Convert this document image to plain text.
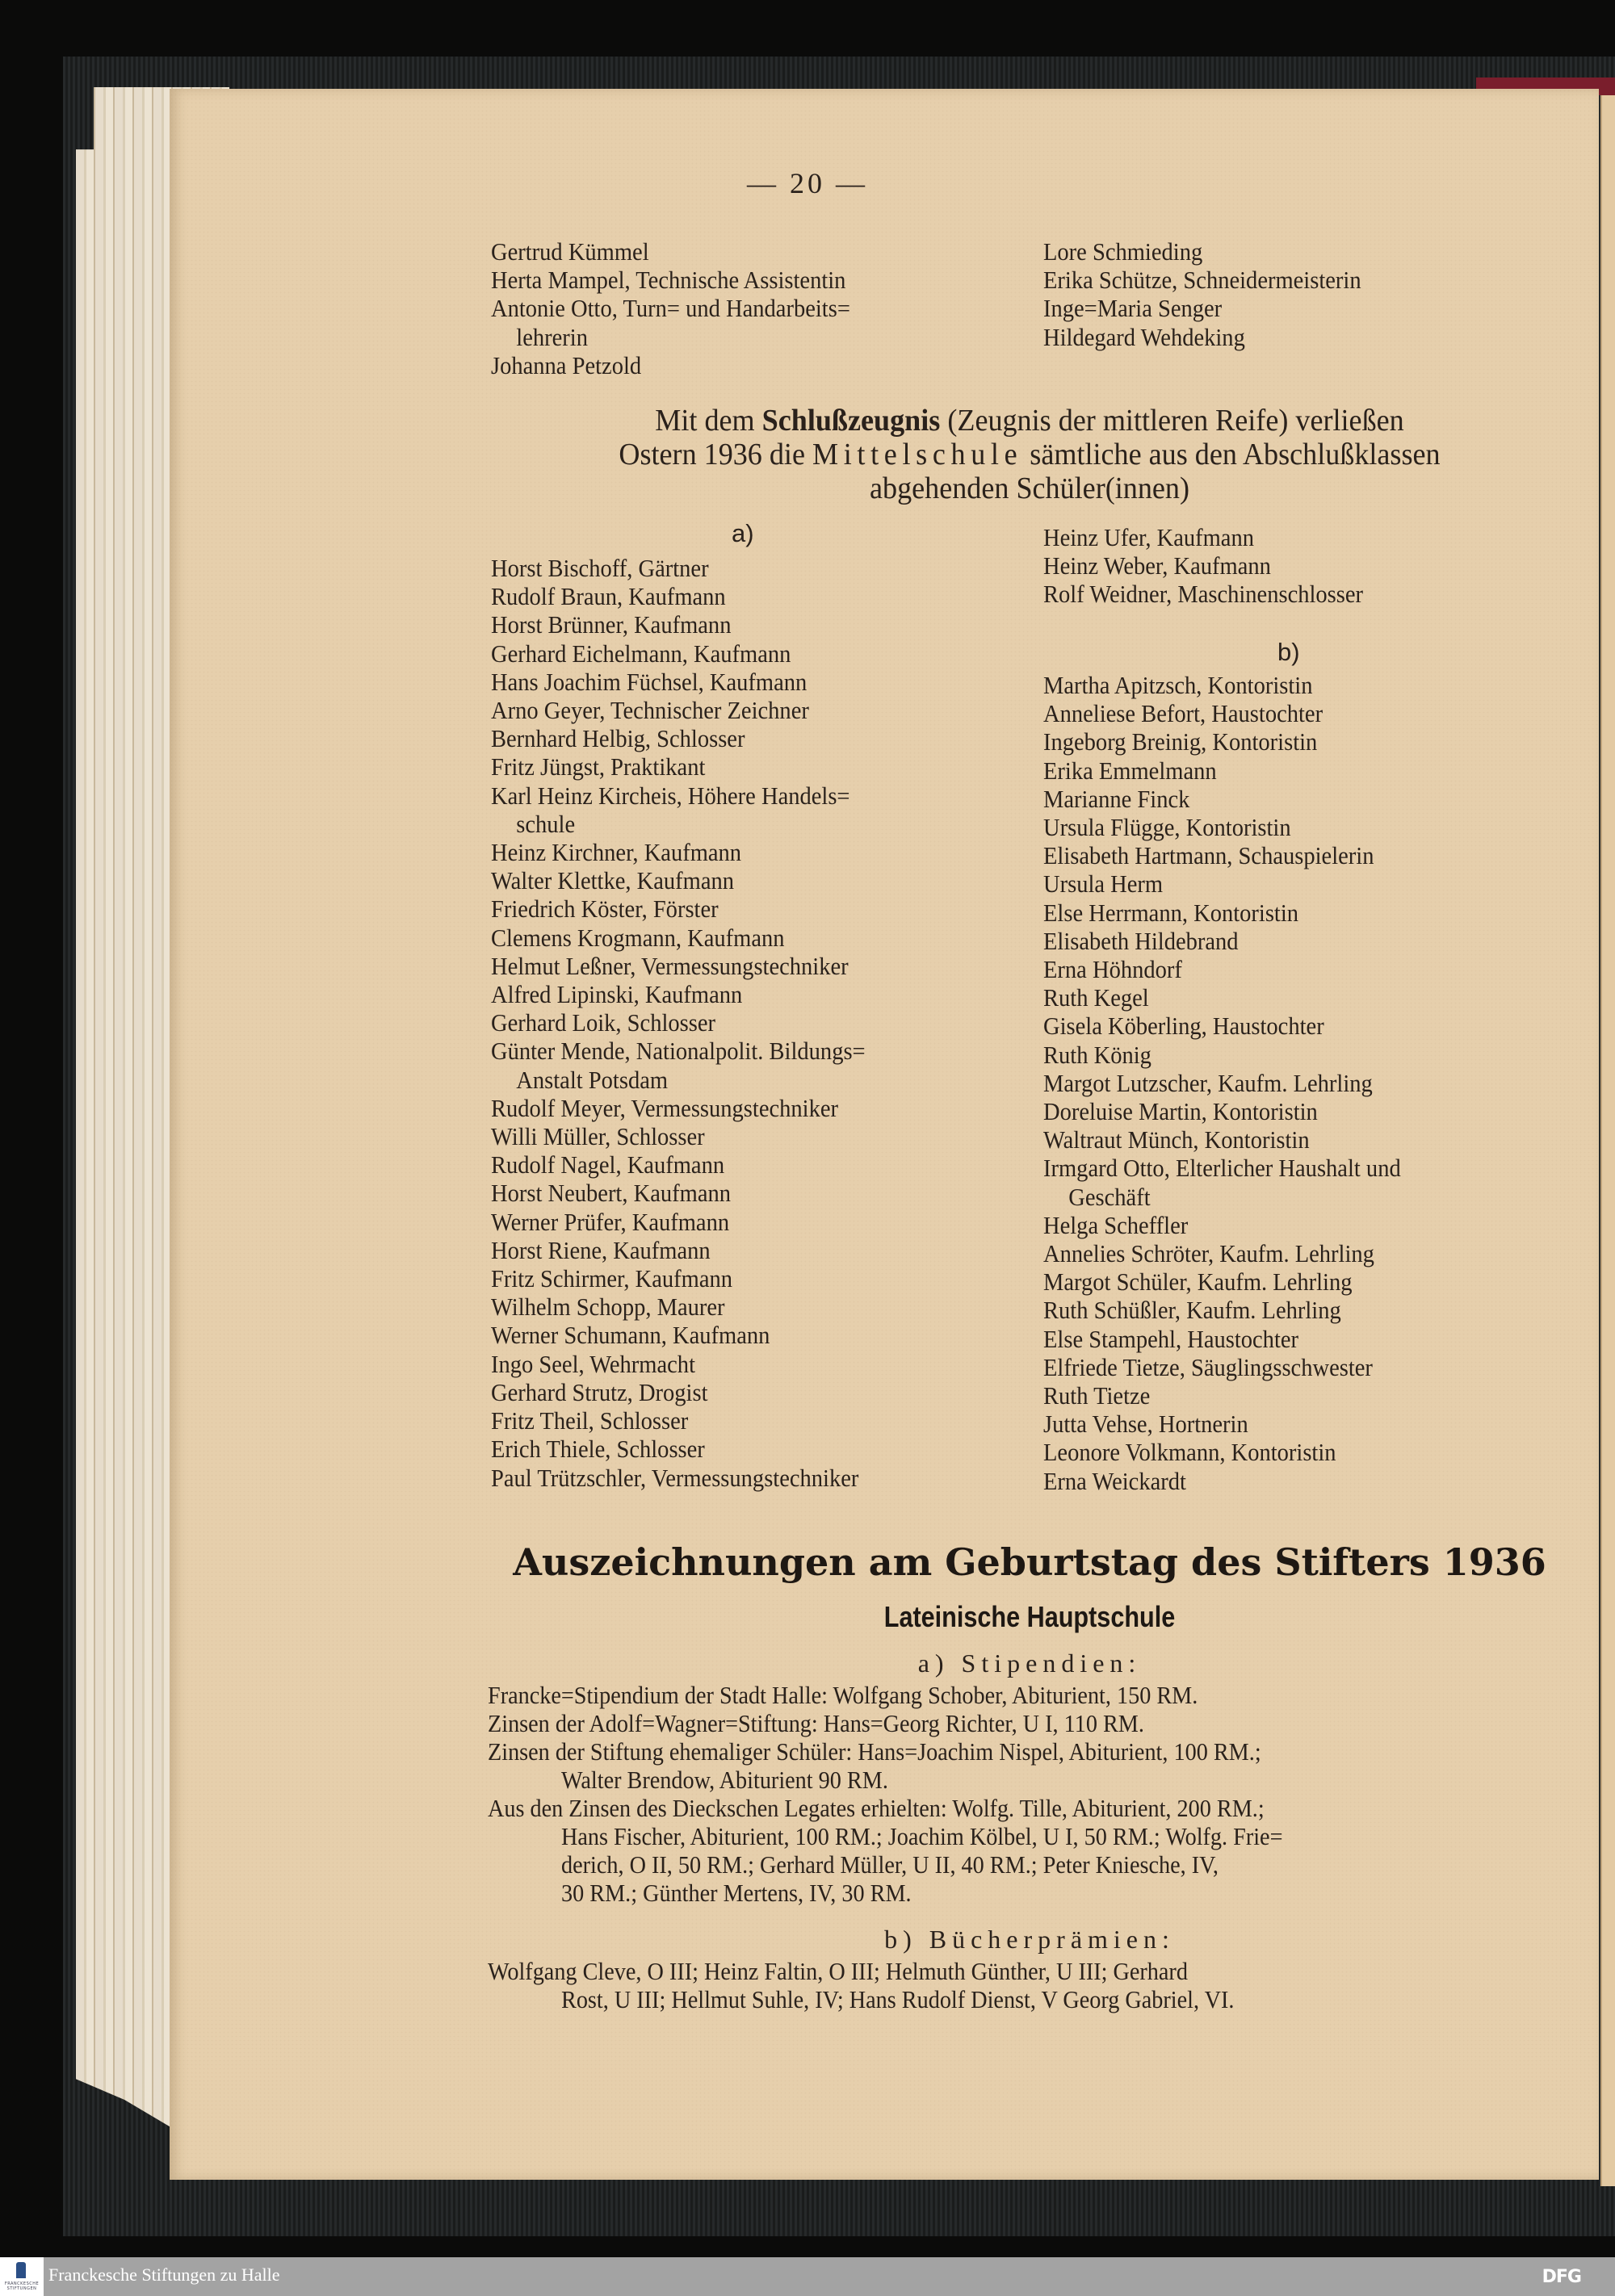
— 20 —
Gertrud Kümmel
Herta Mampel, Technische Assistentin
Antonie Otto, Turn= und Handarbeits=
lehrerin
Johanna Petzold
Lore Schmieding
Erika Schütze, Schneidermeisterin
Inge=Maria Senger
Hildegard Wehdeking
Mit dem Schlußzeugnis (Zeugnis der mittleren Reife) verließen
Ostern 1936 die Mittelschule sämtliche aus den Abschlußklassen
abgehenden Schüler(innen)
a)
Horst Bischoff, Gärtner
Rudolf Braun, Kaufmann
Horst Brünner, Kaufmann
Gerhard Eichelmann, Kaufmann
Hans Joachim Füchsel, Kaufmann
Arno Geyer, Technischer Zeichner
Bernhard Helbig, Schlosser
Fritz Jüngst, Praktikant
Karl Heinz Kircheis, Höhere Handels=
schule
Heinz Kirchner, Kaufmann
Walter Klettke, Kaufmann
Friedrich Köster, Förster
Clemens Krogmann, Kaufmann
Helmut Leßner, Vermessungstechniker
Alfred Lipinski, Kaufmann
Gerhard Loik, Schlosser
Günter Mende, Nationalpolit. Bildungs=
Anstalt Potsdam
Rudolf Meyer, Vermessungstechniker
Willi Müller, Schlosser
Rudolf Nagel, Kaufmann
Horst Neubert, Kaufmann
Werner Prüfer, Kaufmann
Horst Riene, Kaufmann
Fritz Schirmer, Kaufmann
Wilhelm Schopp, Maurer
Werner Schumann, Kaufmann
Ingo Seel, Wehrmacht
Gerhard Strutz, Drogist
Fritz Theil, Schlosser
Erich Thiele, Schlosser
Paul Trützschler, Vermessungstechniker
Heinz Ufer, Kaufmann
Heinz Weber, Kaufmann
Rolf Weidner, Maschinenschlosser
b)
Martha Apitzsch, Kontoristin
Anneliese Befort, Haustochter
Ingeborg Breinig, Kontoristin
Erika Emmelmann
Marianne Finck
Ursula Flügge, Kontoristin
Elisabeth Hartmann, Schauspielerin
Ursula Herm
Else Herrmann, Kontoristin
Elisabeth Hildebrand
Erna Höhndorf
Ruth Kegel
Gisela Köberling, Haustochter
Ruth König
Margot Lutzscher, Kaufm. Lehrling
Doreluise Martin, Kontoristin
Waltraut Münch, Kontoristin
Irmgard Otto, Elterlicher Haushalt und
Geschäft
Helga Scheffler
Annelies Schröter, Kaufm. Lehrling
Margot Schüler, Kaufm. Lehrling
Ruth Schüßler, Kaufm. Lehrling
Else Stampehl, Haustochter
Elfriede Tietze, Säuglingsschwester
Ruth Tietze
Jutta Vehse, Hortnerin
Leonore Volkmann, Kontoristin
Erna Weickardt
Auszeichnungen am Geburtstag des Stifters 1936
Lateinische Hauptschule
a) Stipendien:
Francke=Stipendium der Stadt Halle: Wolfgang Schober, Abiturient, 150 RM.
Zinsen der Adolf=Wagner=Stiftung: Hans=Georg Richter, U I, 110 RM.
Zinsen der Stiftung ehemaliger Schüler: Hans=Joachim Nispel, Abiturient, 100 RM.;
Walter Brendow, Abiturient 90 RM.
Aus den Zinsen des Dieckschen Legates erhielten: Wolfg. Tille, Abiturient, 200 RM.;
Hans Fischer, Abiturient, 100 RM.; Joachim Kölbel, U I, 50 RM.; Wolfg. Frie=
derich, O II, 50 RM.; Gerhard Müller, U II, 40 RM.; Peter Kniesche, IV,
30 RM.; Günther Mertens, IV, 30 RM.
b) Bücherprämien:
Wolfgang Cleve, O III; Heinz Faltin, O III; Helmuth Günther, U III; Gerhard
Rost, U III; Hellmut Suhle, IV; Hans Rudolf Dienst, V Georg Gabriel, VI.
FRANCKESCHE STIFTUNGEN
Franckesche Stiftungen zu Halle	DFG
